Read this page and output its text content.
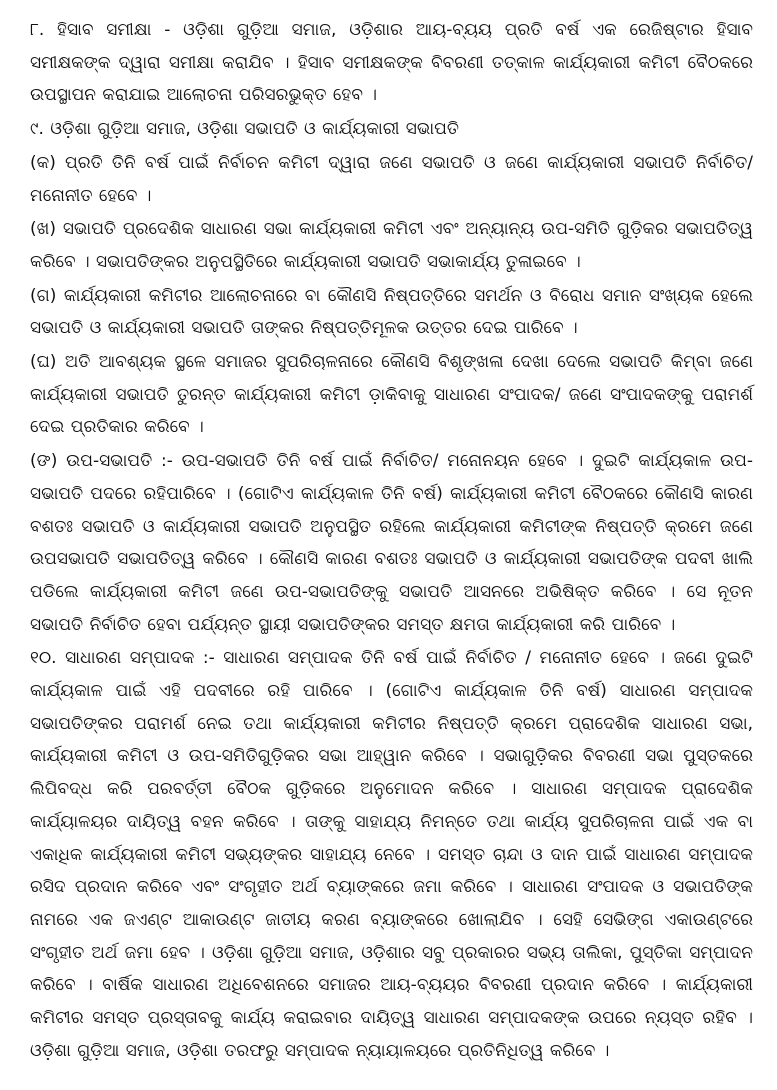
୮. ହିସାବ ସମୀକ୍ଷା - ଓଡ଼ିଶା ଗୁଡ଼ିଆ ସମାଜ, ଓଡ଼ିଶାର ଆୟ-ବ୍ୟୟ ପ୍ରତି ବର୍ଷ ଏକ ରେଜିଷ୍ଟାର ହିସାବ ସମୀକ୍ଷକଙ୍କ ଦ୍ୱାରା ସମୀକ୍ଷା କରାଯିବ । ହିସାବ ସମୀକ୍ଷକଙ୍କ ବିବରଣୀ ତତ୍କାଳ କାର୍ଯ୍ୟକାରୀ କମିଟୀ ବୈଠକରେ ଉପସ୍ଥାପନ କରାଯାଇ ଆଲୋଚନା ପରିସରଭୁକ୍ତ ହେବ ।

୯. ଓଡ଼ିଶା ଗୁଡ଼ିଆ ସମାଜ, ଓଡ଼ିଶା ସଭାପତି ଓ କାର୍ଯ୍ୟକାରୀ ସଭାପତି

(କ) ପ୍ରତି ତିନି ବର୍ଷ ପାଇଁ ନିର୍ବାଚନ କମିଟୀ ଦ୍ୱାରା ଜଣେ ସଭାପତି ଓ ଜଣେ କାର୍ଯ୍ୟକାରୀ ସଭାପତି ନିର୍ବାଚିତ/ ମନୋନୀତ ହେବେ ।

(ଖ) ସଭାପତି ପ୍ରଦେଶିକ ସାଧାରଣ ସଭା କାର୍ଯ୍ୟକାରୀ କମିଟୀ ଏବଂ ଅନ୍ୟାନ୍ୟ ଉପ-ସମିତି ଗୁଡ଼ିକର ସଭାପତିତ୍ୱ କରିବେ । ସଭାପତିଙ୍କର ଅନୁପସ୍ଥିତିରେ କାର୍ଯ୍ୟକାରୀ ସଭାପତି ସଭାକାର୍ଯ୍ୟ ତୁଳାଇବେ ।

(ଗ) କାର୍ଯ୍ୟକାରୀ କମିଟୀର ଆଲୋଚନାରେ ବା କୌଣସି ନିଷ୍ପତ୍ତିରେ ସମର୍ଥନ ଓ ବିରୋଧ ସମାନ ସଂଖ୍ୟକ ହେଲେ ସଭାପତି ଓ କାର୍ଯ୍ୟକାରୀ ସଭାପତି ତାଙ୍କର ନିଷ୍ପତ୍ତିମୂଳକ ଉତ୍ତର ଦେଇ ପାରିବେ ।

(ଘ) ଅତି ଆବଶ୍ୟକ ସ୍ଥଳେ ସମାଜର ସୁପରିଚାଳନାରେ କୌଣସି ବିଶୃଙ୍ଖଳା ଦେଖା ଦେଲେ ସଭାପତି କିମ୍ବା ଜଣେ କାର୍ଯ୍ୟକାରୀ ସଭାପତି ତୁରନ୍ତ କାର୍ଯ୍ୟକାରୀ କମିଟୀ ଡ଼ାକିବାକୁ ସାଧାରଣ ସଂପାଦକ/ ଜଣେ ସଂପାଦକଙ୍କୁ ପରାମର୍ଶ ଦେଇ ପ୍ରତିକାର କରିବେ ।

(ଙ) ଉପ-ସଭାପତି :- ଉପ-ସଭାପତି ତିନି ବର୍ଷ ପାଇଁ ନିର୍ବାଚିତ/ ମନୋନୟନ ହେବେ । ଦୁଇଟି କାର୍ଯ୍ୟକାଳ ଉପ-ସଭାପତି ପଦରେ ରହିପାରିବେ । (ଗୋଟିଏ କାର୍ଯ୍ୟକାଳ ତିନି ବର୍ଷ) କାର୍ଯ୍ୟକାରୀ କମିଟୀ ବୈଠକରେ କୌଣସି କାରଣ ବଶତଃ ସଭାପତି ଓ କାର୍ଯ୍ୟକାରୀ ସଭାପତି ଅନୁପସ୍ଥିତ ରହିଲେ କାର୍ଯ୍ୟକାରୀ କମିଟୀଙ୍କ ନିଷ୍ପତ୍ତି କ୍ରମେ ଜଣେ ଉପସଭାପତି ସଭାପତିତ୍ୱ କରିବେ । କୌଣସି କାରଣ ବଶତଃ ସଭାପତି ଓ କାର୍ଯ୍ୟକାରୀ ସଭାପତିଙ୍କ ପଦବୀ ଖାଲି ପଡିଲେ କାର୍ଯ୍ୟକାରୀ କମିଟୀ ଜଣେ ଉପ-ସଭାପତିଙ୍କୁ ସଭାପତି ଆସନରେ ଅଭିଷିକ୍ତ କରିବେ । ସେ ନୂତନ ସଭାପତି ନିର୍ବାଚିତ ହେବା ପର୍ଯ୍ୟନ୍ତ ସ୍ଥାୟୀ ସଭାପତିଙ୍କର ସମସ୍ତ କ୍ଷମତା କାର୍ଯ୍ୟକାରୀ କରି ପାରିବେ ।

୧୦. ସାଧାରଣ ସମ୍ପାଦକ :- ସାଧାରଣ ସମ୍ପାଦକ ତିନି ବର୍ଷ ପାଇଁ ନିର୍ବାଚିତ / ମନୋନୀତ ହେବେ । ଜଣେ ଦୁଇଟି କାର୍ଯ୍ୟକାଳ ପାଇଁ ଏହି ପଦବୀରେ ରହି ପାରିବେ । (ଗୋଟିଏ କାର୍ଯ୍ୟକାଳ ତିନି ବର୍ଷ) ସାଧାରଣ ସମ୍ପାଦକ ସଭାପତିଙ୍କର ପରାମର୍ଶ ନେଇ ତଥା କାର୍ଯ୍ୟକାରୀ କମିଟୀର ନିଷ୍ପତ୍ତି କ୍ରମେ ପ୍ରାଦେଶିକ ସାଧାରଣ ସଭା, କାର୍ଯ୍ୟକାରୀ କମିଟୀ ଓ ଉପ-ସମିତିଗୁଡ଼ିକର ସଭା ଆହ୍ୱାନ କରିବେ । ସଭାଗୁଡ଼ିକର ବିବରଣୀ ସଭା ପୁସ୍ତକରେ ଲିପିବଦ୍ଧ କରି ପରବର୍ତ୍ତୀ ବୈଠକ ଗୁଡ଼ିକରେ ଅନୁମୋଦନ କରିବେ । ସାଧାରଣ ସମ୍ପାଦକ ପ୍ରାଦେଶିକ କାର୍ଯ୍ୟାଳୟର ଦାୟିତ୍ୱ ବହନ କରିବେ । ତାଙ୍କୁ ସାହାଯ୍ୟ ନିମନ୍ତେ ତଥା କାର୍ଯ୍ୟ ସୁପରିଚାଳନା ପାଇଁ ଏକ ବା ଏକାଧିକ କାର୍ଯ୍ୟକାରୀ କମିଟୀ ସଭ୍ୟଙ୍କର ସାହାଯ୍ୟ ନେବେ । ସମସ୍ତ ଚାନ୍ଦା ଓ ଦାନ ପାଇଁ ସାଧାରଣ ସମ୍ପାଦକ ରସିଦ ପ୍ରଦାନ କରିବେ ଏବଂ ସଂଗୃହୀତ ଅର୍ଥ ବ୍ୟାଙ୍କରେ ଜମା କରିବେ । ସାଧାରଣ ସଂପାଦକ ଓ ସଭାପତିଙ୍କ ନାମରେ ଏକ ଜଏଣ୍ଟ ଆକାଉଣ୍ଟ ଜାତୀୟ କରଣ ବ୍ୟାଙ୍କରେ ଖୋଲାଯିବ । ସେହି ସେଭିଙ୍ଗ ଏକାଉଣ୍ଟରେ ସଂଗୃହୀତ ଅର୍ଥ ଜମା ହେବ । ଓଡ଼ିଶା ଗୁଡ଼ିଆ ସମାଜ, ଓଡ଼ିଶାର ସବୁ ପ୍ରକାରର ସଭ୍ୟ ତାଲିକା, ପୁସ୍ତିକା ସମ୍ପାଦନ କରିବେ । ବାର୍ଷିକ ସାଧାରଣ ଅଧିବେଶନରେ ସମାଜର ଆୟ-ବ୍ୟୟର ବିବରଣୀ ପ୍ରଦାନ କରିବେ । କାର୍ଯ୍ୟକାରୀ କମିଟୀର ସମସ୍ତ ପ୍ରସ୍ତାବକୁ କାର୍ଯ୍ୟ କରାଇବାର ଦାୟିତ୍ୱ ସାଧାରଣ ସମ୍ପାଦକଙ୍କ ଉପରେ ନ୍ୟସ୍ତ ରହିବ । ଓଡ଼ିଶା ଗୁଡ଼ିଆ ସମାଜ, ଓଡ଼ିଶା ତରଫରୁ ସମ୍ପାଦକ ନ୍ୟାୟାଳୟରେ ପ୍ରତିନିଧିତ୍ୱ କରିବେ ।
